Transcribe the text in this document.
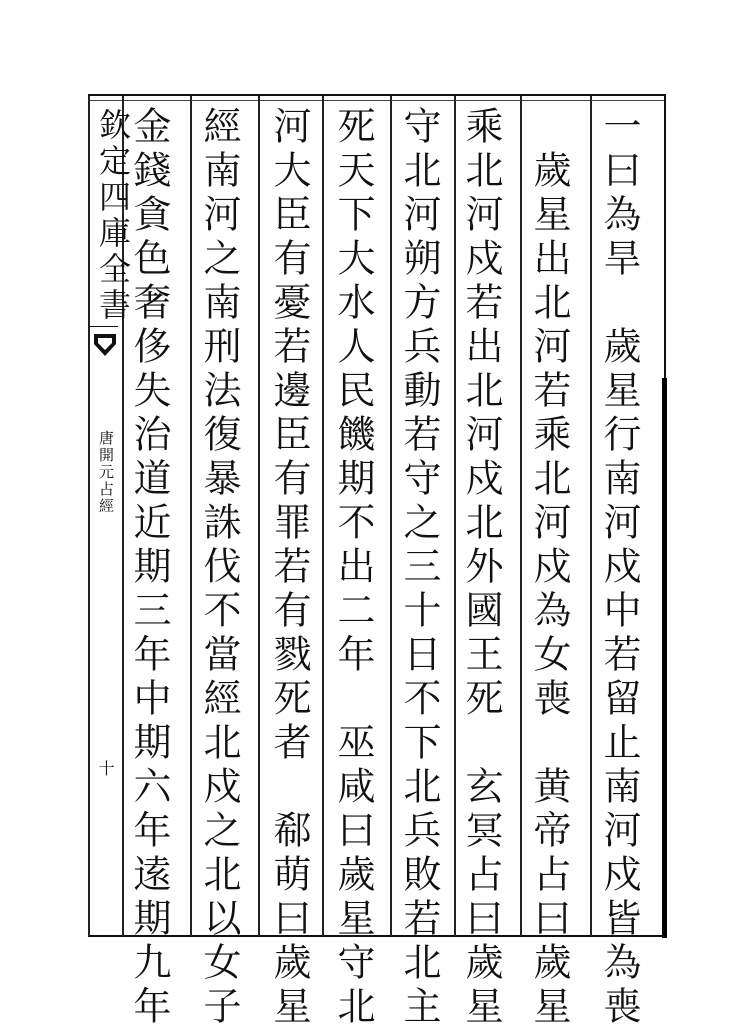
欽定四庫全書
唐開元占經
十	一曰為旱　歲星行南河戍中若留止南河戍皆為喪
歲星出北河若乘北河戍為女喪　黄帝占曰歲星
乘北河戍若出北河戍北外國王死　玄冥占曰歲星
守北河朔方兵動若守之三十日不下北兵敗若北主
死天下大水人民饑期不出二年　巫咸曰歲星守北
河大臣有憂若邊臣有罪若有戮死者　郗萌曰歲星
經南河之南刑法復暴誅伐不當經北戍之北以女子
金錢貪色奢侈失治道近期三年中期六年逺期九年
